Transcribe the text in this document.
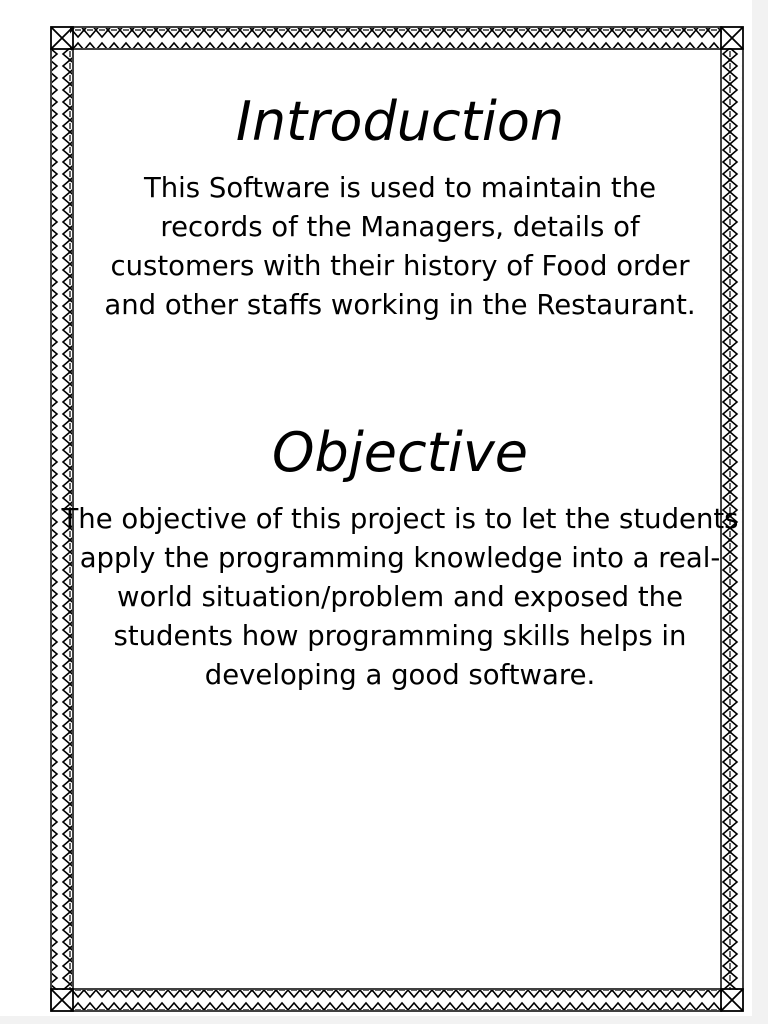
Introduction

This Software is used to maintain the records of the Managers, details of customers with their history of Food order and other staffs working in the Restaurant.

Objective

The objective of this project is to let the students apply the programming knowledge into a real-world situation/problem and exposed the students how programming skills helps in developing a good software.
